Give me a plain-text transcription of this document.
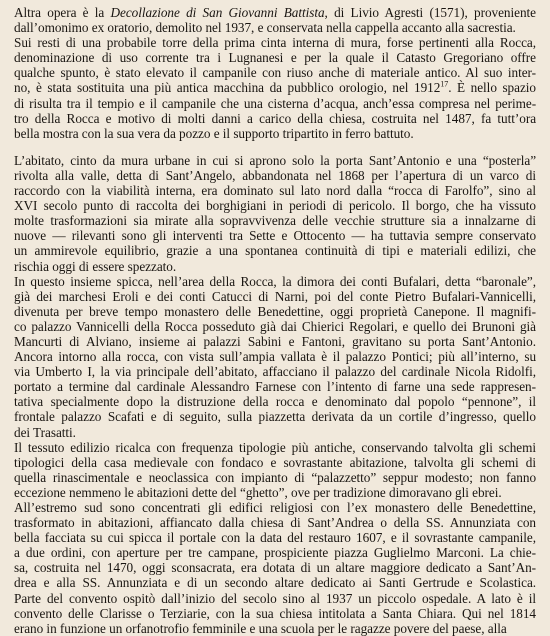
Altra opera è la Decollazione di San Giovanni Battista, di Livio Agresti (1571), proveniente
dall’omonimo ex oratorio, demolito nel 1937, e conservata nella cappella accanto alla sacrestia.

Sui resti di una probabile torre della prima cinta interna di mura, forse pertinenti alla Rocca,
denominazione di uso corrente tra i Lugnanesi e per la quale il Catasto Gregoriano offre
qualche spunto, è stato elevato il campanile con riuso anche di materiale antico. Al suo inter-
no, è stata sostituita una più antica macchina da pubblico orologio, nel 1912$^{17}$. È nello spazio
di risulta tra il tempio e il campanile che una cisterna d’acqua, anch’essa compresa nel perime-
tro della Rocca e motivo di molti danni a carico della chiesa, costruita nel 1487, fa tutt’ora
bella mostra con la sua vera da pozzo e il supporto tripartito in ferro battuto.

L’abitato, cinto da mura urbane in cui si aprono solo la porta Sant’Antonio e una “posterla”
rivolta alla valle, detta di Sant’Angelo, abbandonata nel 1868 per l’apertura di un varco di
raccordo con la viabilità interna, era dominato sul lato nord dalla “rocca di Farolfo”, sino al
XVI secolo punto di raccolta dei borghigiani in periodi di pericolo. Il borgo, che ha vissuto
molte trasformazioni sia mirate alla sopravvivenza delle vecchie strutture sia a innalzarne di
nuove — rilevanti sono gli interventi tra Sette e Ottocento — ha tuttavia sempre conservato
un ammirevole equilibrio, grazie a una spontanea continuità di tipi e materiali edilizi, che
rischia oggi di essere spezzato.

In questo insieme spicca, nell’area della Rocca, la dimora dei conti Bufalari, detta “baronale”,
già dei marchesi Eroli e dei conti Catucci di Narni, poi del conte Pietro Bufalari-Vannicelli,
divenuta per breve tempo monastero delle Benedettine, oggi proprietà Canepone. Il magnifi-
co palazzo Vannicelli della Rocca posseduto già dai Chierici Regolari, e quello dei Brunoni già
Mancurti di Alviano, insieme ai palazzi Sabini e Fantoni, gravitano su porta Sant’Antonio.
Ancora intorno alla rocca, con vista sull’ampia vallata è il palazzo Pontici; più all’interno, su
via Umberto I, la via principale dell’abitato, affacciano il palazzo del cardinale Nicola Ridolfi,
portato a termine dal cardinale Alessandro Farnese con l’intento di farne una sede rappresen-
tativa specialmente dopo la distruzione della rocca e denominato dal popolo “pennone”, il
frontale palazzo Scafati e di seguito, sulla piazzetta derivata da un cortile d’ingresso, quello
dei Trasatti.

Il tessuto edilizio ricalca con frequenza tipologie più antiche, conservando talvolta gli schemi
tipologici della casa medievale con fondaco e sovrastante abitazione, talvolta gli schemi di
quella rinascimentale e neoclassica con impianto di “palazzetto” seppur modesto; non fanno
eccezione nemmeno le abitazioni dette del “ghetto”, ove per tradizione dimoravano gli ebrei.

All’estremo sud sono concentrati gli edifici religiosi con l’ex monastero delle Benedettine,
trasformato in abitazioni, affiancato dalla chiesa di Sant’Andrea o della SS. Annunziata con
bella facciata su cui spicca il portale con la data del restauro 1607, e il sovrastante campanile,
a due ordini, con aperture per tre campane, prospiciente piazza Guglielmo Marconi. La chie-
sa, costruita nel 1470, oggi sconsacrata, era dotata di un altare maggiore dedicato a Sant’An-
drea e alla SS. Annunziata e di un secondo altare dedicato ai Santi Gertrude e Scolastica.
Parte del convento ospitò dall’inizio del secolo sino al 1937 un piccolo ospedale. A lato è il
convento delle Clarisse o Terziarie, con la sua chiesa intitolata a Santa Chiara. Qui nel 1814
erano in funzione un orfanotrofio femminile e una scuola per le ragazze povere del paese, alla
